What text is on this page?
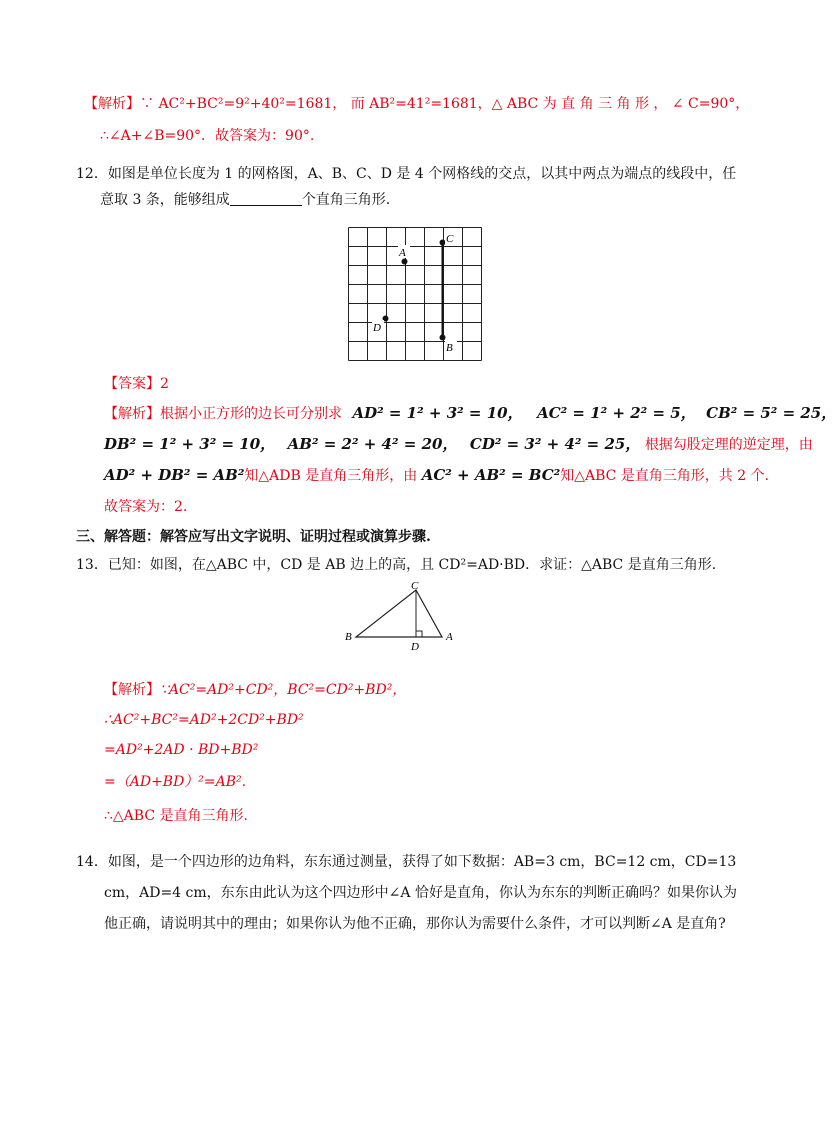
【解析】∵ AC²+BC²=9²+40²=1681， 而 AB²=41²=1681，△ ABC 为 直 角 三 角 形 ， ∠ C=90°，
∴∠A+∠B=90°．故答案为：90°.
12．如图是单位长度为 1 的网格图，A、B、C、D 是 4 个网格线的交点，以其中两点为端点的线段中，任
意取 3 条，能够组成	个直角三角形.
A
C
D
B
【答案】2
【解析】根据小正方形的边长可分别求 AD² = 1² + 3² = 10， AC² = 1² + 2² = 5， CB² = 5² = 25，
DB² = 1² + 3² = 10， AB² = 2² + 4² = 20， CD² = 3² + 4² = 25， 根据勾股定理的逆定理，由
AD² + DB² = AB²知△ADB 是直角三角形，由 AC² + AB² = BC²知△ABC 是直角三角形，共 2 个.
故答案为：2.
三、解答题：解答应写出文字说明、证明过程或演算步骤.
13．已知：如图，在△ABC 中，CD 是 AB 边上的高，且 CD²=AD·BD．求证：△ABC 是直角三角形.
B
C
D
A
【解析】∵AC²=AD²+CD²，BC²=CD²+BD²，
∴AC²+BC²=AD²+2CD²+BD²
=AD²+2AD · BD+BD²
=（AD+BD）²=AB².
∴△ABC 是直角三角形.
14．如图，是一个四边形的边角料，东东通过测量，获得了如下数据：AB=3 cm，BC=12 cm，CD=13
cm，AD=4 cm，东东由此认为这个四边形中∠A 恰好是直角，你认为东东的判断正确吗？如果你认为
他正确，请说明其中的理由；如果你认为他不正确，那你认为需要什么条件，才可以判断∠A 是直角?
